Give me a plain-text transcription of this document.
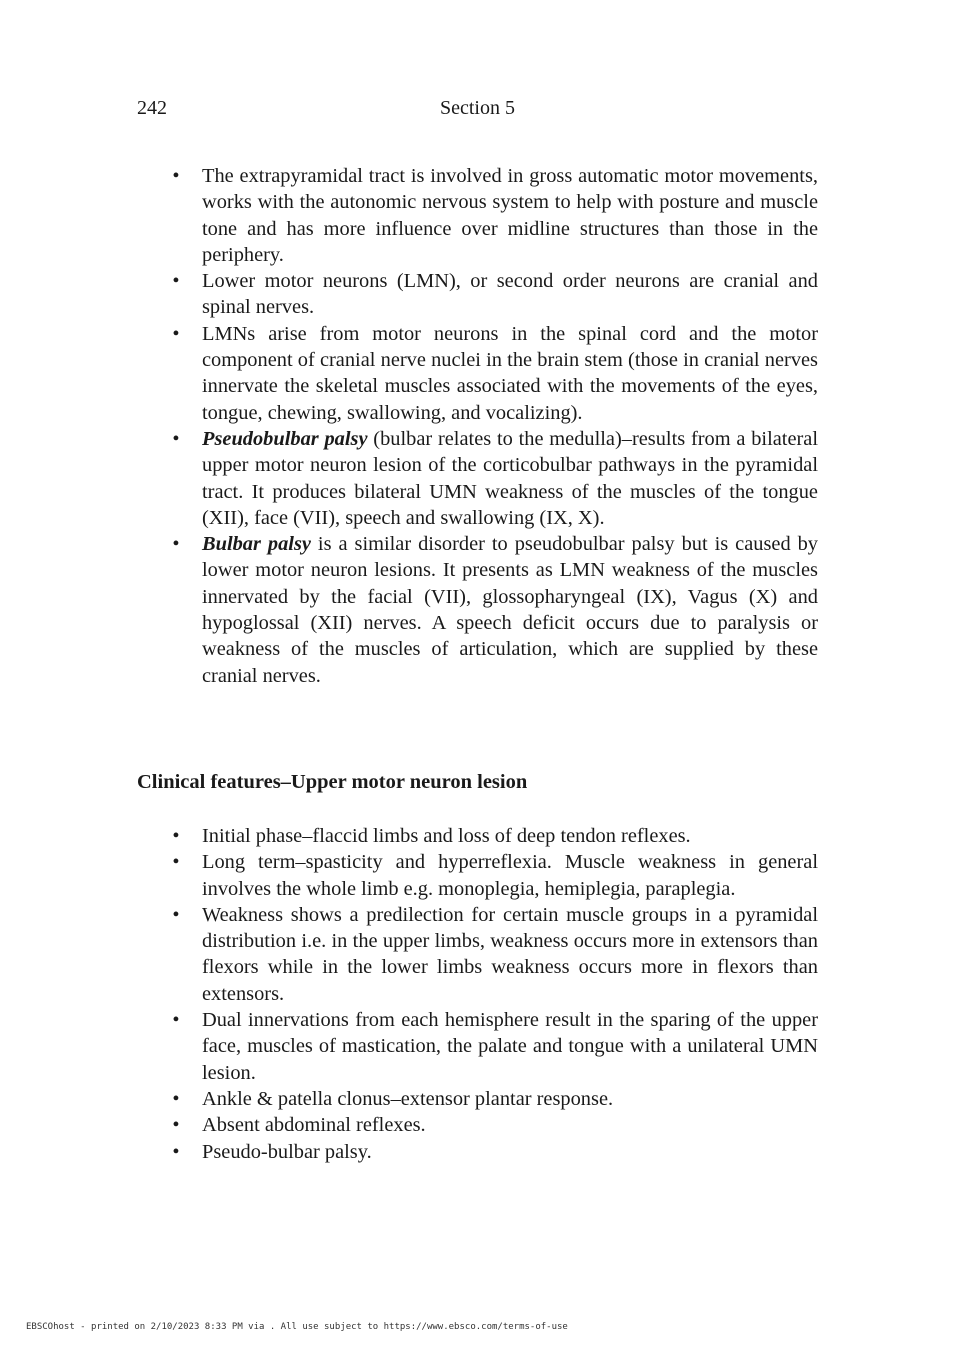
242	Section 5
• The extrapyramidal tract is involved in gross automatic motor movements, works with the autonomic nervous system to help with posture and muscle tone and has more influence over midline structures than those in the periphery.
• Lower motor neurons (LMN), or second order neurons are cranial and spinal nerves.
• LMNs arise from motor neurons in the spinal cord and the motor component of cranial nerve nuclei in the brain stem (those in cranial nerves innervate the skeletal muscles associated with the movements of the eyes, tongue, chewing, swallowing, and vocalizing).
• Pseudobulbar palsy (bulbar relates to the medulla)–results from a bilateral upper motor neuron lesion of the corticobulbar pathways in the pyramidal tract. It produces bilateral UMN weakness of the muscles of the tongue (XII), face (VII), speech and swallowing (IX, X).
• Bulbar palsy is a similar disorder to pseudobulbar palsy but is caused by lower motor neuron lesions. It presents as LMN weakness of the muscles innervated by the facial (VII), glossopharyngeal (IX), Vagus (X) and hypoglossal (XII) nerves. A speech deficit occurs due to paralysis or weakness of the muscles of articulation, which are supplied by these cranial nerves.
Clinical features–Upper motor neuron lesion
• Initial phase–flaccid limbs and loss of deep tendon reflexes.
• Long term–spasticity and hyperreflexia. Muscle weakness in general involves the whole limb e.g. monoplegia, hemiplegia, paraplegia.
• Weakness shows a predilection for certain muscle groups in a pyramidal distribution i.e. in the upper limbs, weakness occurs more in extensors than flexors while in the lower limbs weakness occurs more in flexors than extensors.
• Dual innervations from each hemisphere result in the sparing of the upper face, muscles of mastication, the palate and tongue with a unilateral UMN lesion.
• Ankle & patella clonus–extensor plantar response.
• Absent abdominal reflexes.
• Pseudo-bulbar palsy.
EBSCOhost - printed on 2/10/2023 8:33 PM via . All use subject to https://www.ebsco.com/terms-of-use
